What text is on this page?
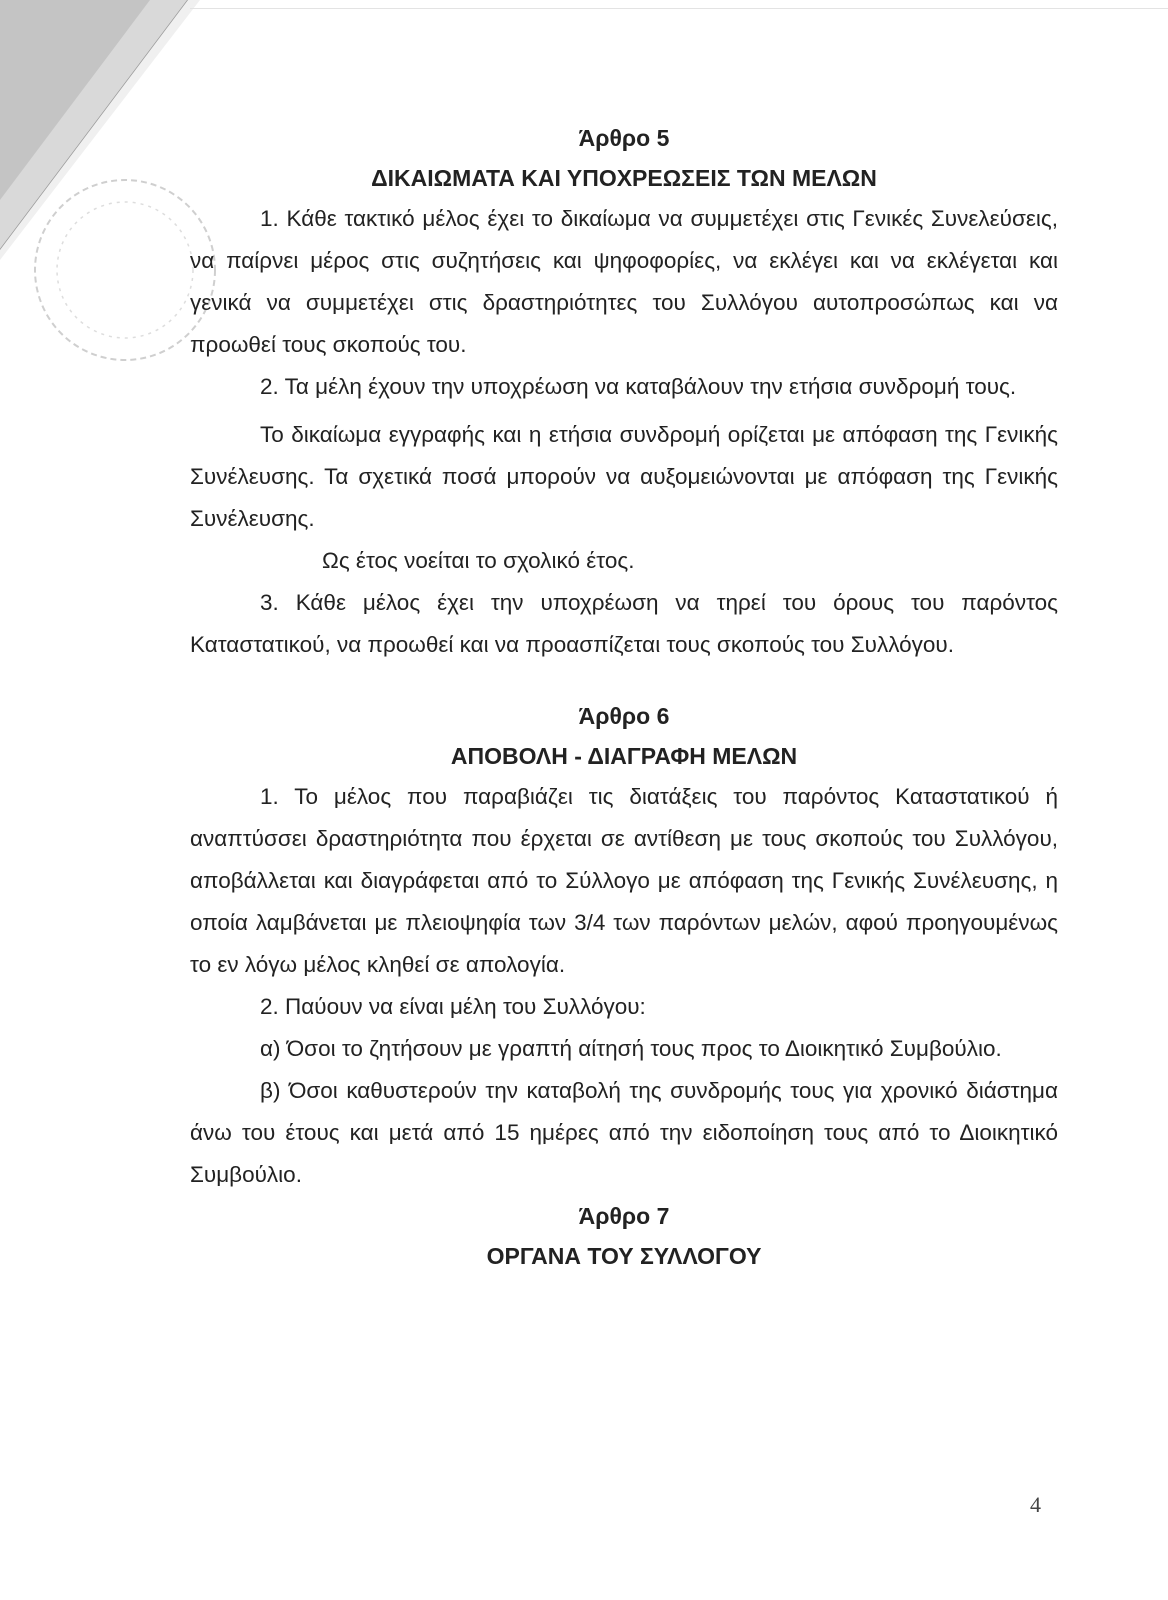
Άρθρο 5

ΔΙΚΑΙΩΜΑΤΑ ΚΑΙ ΥΠΟΧΡΕΩΣΕΙΣ ΤΩΝ ΜΕΛΩΝ

1. Κάθε τακτικό μέλος έχει το δικαίωμα να συμμετέχει στις Γενικές Συνελεύσεις, να παίρνει μέρος στις συζητήσεις και ψηφοφορίες, να εκλέγει και να εκλέγεται και γενικά να συμμετέχει στις δραστηριότητες του Συλλόγου αυτοπροσώπως και να προωθεί τους σκοπούς του.

2. Τα μέλη έχουν την υποχρέωση να καταβάλουν την ετήσια συνδρομή τους.

Το δικαίωμα εγγραφής και η ετήσια συνδρομή ορίζεται με απόφαση της Γενικής Συνέλευσης. Τα σχετικά ποσά μπορούν να αυξομειώνονται με απόφαση της Γενικής Συνέλευσης.

Ως έτος νοείται το σχολικό έτος.

3. Κάθε μέλος έχει την υποχρέωση να τηρεί του όρους του παρόντος Καταστατικού, να προωθεί και να προασπίζεται τους σκοπούς του Συλλόγου.

Άρθρο 6

ΑΠΟΒΟΛΗ - ΔΙΑΓΡΑΦΗ ΜΕΛΩΝ

1. Το μέλος που παραβιάζει τις διατάξεις του παρόντος Καταστατικού ή αναπτύσσει δραστηριότητα που έρχεται σε αντίθεση με τους σκοπούς του Συλλόγου, αποβάλλεται και διαγράφεται από το Σύλλογο με απόφαση της Γενικής Συνέλευσης, η οποία λαμβάνεται με πλειοψηφία των 3/4 των παρόντων μελών, αφού προηγουμένως το εν λόγω μέλος κληθεί σε απολογία.

2. Παύουν να είναι μέλη του Συλλόγου:

α) Όσοι το ζητήσουν με γραπτή αίτησή τους προς το Διοικητικό Συμβούλιο.

β) Όσοι καθυστερούν την καταβολή της συνδρομής τους για χρονικό διάστημα άνω του έτους και μετά από 15 ημέρες από την ειδοποίηση τους από το Διοικητικό Συμβούλιο.

Άρθρο 7

ΟΡΓΑΝΑ ΤΟΥ ΣΥΛΛΟΓΟΥ

4
